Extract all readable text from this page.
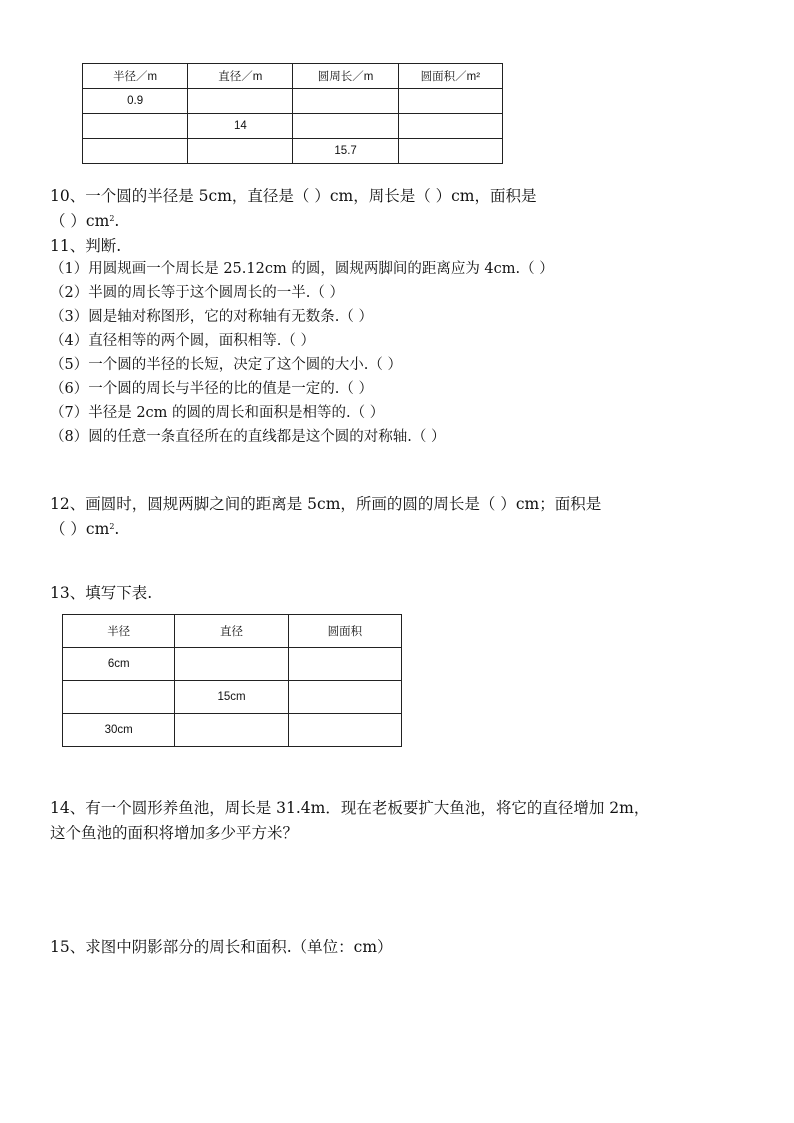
半径／m	直径／m	圆周长／m	圆面积／m²
0.9			
	14		
		15.7	
10、一个圆的半径是 5cm，直径是（ ）cm，周长是（ ）cm，面积是
（ ）$cm^2$.
11、判断.
（1）用圆规画一个周长是 25.12cm 的圆，圆规两脚间的距离应为 4cm.（ ）
（2）半圆的周长等于这个圆周长的一半.（ ）
（3）圆是轴对称图形，它的对称轴有无数条.（ ）
（4）直径相等的两个圆，面积相等.（ ）
（5）一个圆的半径的长短，决定了这个圆的大小.（ ）
（6）一个圆的周长与半径的比的值是一定的.（ ）
（7）半径是 2cm 的圆的周长和面积是相等的.（ ）
（8）圆的任意一条直径所在的直线都是这个圆的对称轴.（ ）
12、画圆时，圆规两脚之间的距离是 5cm，所画的圆的周长是（ ）cm；面积是
（ ）$cm^2$.
13、填写下表.
半径	直径	圆面积
6cm		
	15cm	
30cm		
14、有一个圆形养鱼池，周长是 31.4m．现在老板要扩大鱼池，将它的直径增加 2m，
这个鱼池的面积将增加多少平方米？
15、求图中阴影部分的周长和面积.（单位：cm）
